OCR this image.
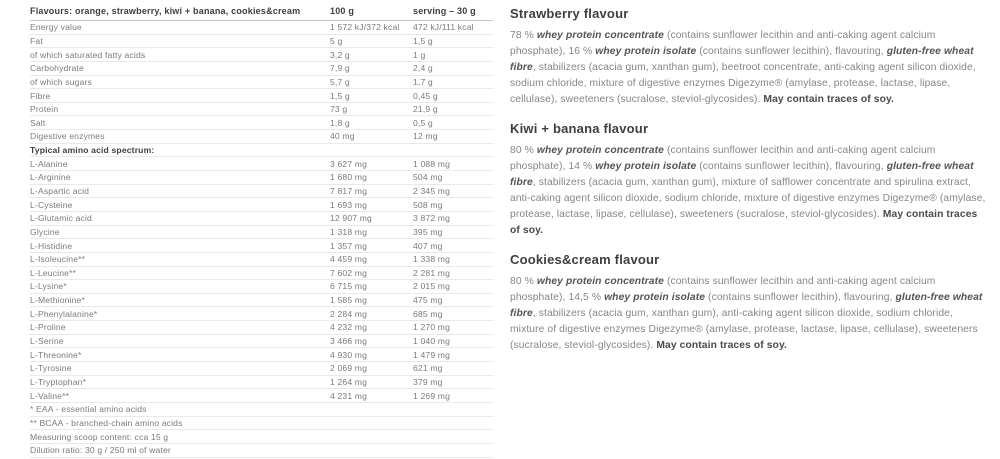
Flavours: orange, strawberry, kiwi + banana, cookies&cream	100 g	serving – 30 g
Energy value	1 572 kJ/372 kcal	472 kJ/111 kcal
Fat	5 g	1,5 g
of which saturated fatty acids	3,2 g	1 g
Carbohydrate	7,9 g	2,4 g
of which sugars	5,7 g	1,7 g
Fibre	1,5 g	0,45 g
Protein	73 g	21,9 g
Salt	1,8 g	0,5 g
Digestive enzymes	40 mg	12 mg
Typical amino acid spectrum:
L-Alanine	3 627 mg	1 088 mg
L-Arginine	1 680 mg	504 mg
L-Aspartic acid	7 817 mg	2 345 mg
L-Cysteine	1 693 mg	508 mg
L-Glutamic acid	12 907 mg	3 872 mg
Glycine	1 318 mg	395 mg
L-Histidine	1 357 mg	407 mg
L-Isoleucine**	4 459 mg	1 338 mg
L-Leucine**	7 602 mg	2 281 mg
L-Lysine*	6 715 mg	2 015 mg
L-Methionine*	1 585 mg	475 mg
L-Phenylalanine*	2 284 mg	685 mg
L-Proline	4 232 mg	1 270 mg
L-Serine	3 466 mg	1 040 mg
L-Threonine*	4 930 mg	1 479 mg
L-Tyrosine	2 069 mg	621 mg
L-Tryptophan*	1 264 mg	379 mg
L-Valine**	4 231 mg	1 269 mg
* EAA - essential amino acids
** BCAA - branched-chain amino acids
Measuring scoop content: cca 15 g
Dilution ratio: 30 g / 250 ml of water
Strawberry flavour

78 % whey protein concentrate (contains sunflower lecithin and anti-caking agent calcium phosphate), 16 % whey protein isolate (contains sunflower lecithin), flavouring, gluten-free wheat fibre, stabilizers (acacia gum, xanthan gum), beetroot concentrate, anti-caking agent silicon dioxide, sodium chloride, mixture of digestive enzymes Digezyme® (amylase, protease, lactase, lipase, cellulase), sweeteners (sucralose, steviol-glycosides). May contain traces of soy.

Kiwi + banana flavour

80 % whey protein concentrate (contains sunflower lecithin and anti-caking agent calcium phosphate), 14 % whey protein isolate (contains sunflower lecithin), flavouring, gluten-free wheat fibre, stabilizers (acacia gum, xanthan gum), mixture of safflower concentrate and spirulina extract, anti-caking agent silicon dioxide, sodium chloride, mixture of digestive enzymes Digezyme® (amylase, protease, lactase, lipase, cellulase), sweeteners (sucralose, steviol-glycosides). May contain traces of soy.

Cookies&cream flavour

80 % whey protein concentrate (contains sunflower lecithin and anti-caking agent calcium phosphate), 14,5 % whey protein isolate (contains sunflower lecithin), flavouring, gluten-free wheat fibre, stabilizers (acacia gum, xanthan gum), anti-caking agent silicon dioxide, sodium chloride, mixture of digestive enzymes Digezyme® (amylase, protease, lactase, lipase, cellulase), sweeteners (sucralose, steviol-glycosides). May contain traces of soy.
